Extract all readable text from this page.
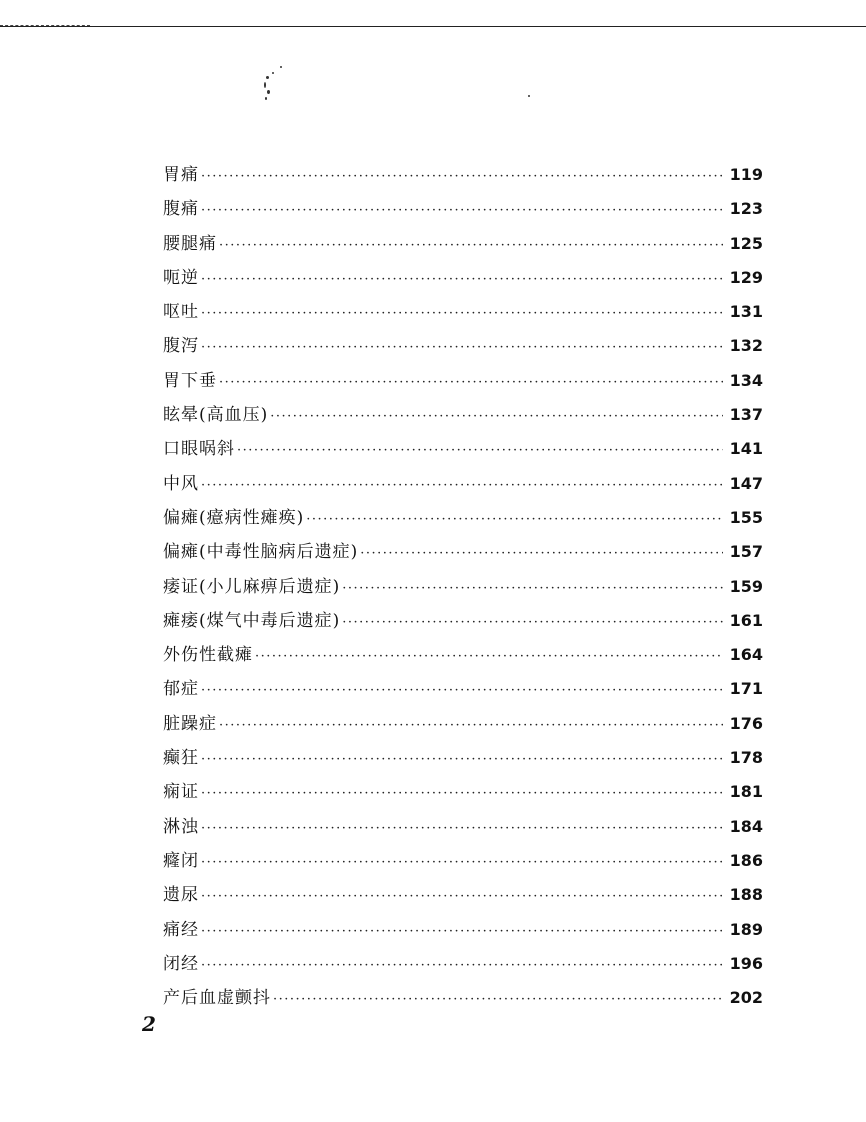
胃痛 ·····	119
腹痛 ·····	123
腰腿痛 ·····	125
呃逆 ·····	129
呕吐 ·····	131
腹泻 ·····	132
胃下垂 ·····	134
眩晕(高血压) ·····	137
口眼㖞斜 ·····	141
中风 ·····	147
偏瘫(癔病性瘫痪) ·····	155
偏瘫(中毒性脑病后遗症) ·····	157
痿证(小儿麻痹后遗症) ·····	159
瘫痿(煤气中毒后遗症) ·····	161
外伤性截瘫 ·····	164
郁症 ·····	171
脏躁症 ·····	176
癫狂 ·····	178
痫证 ·····	181
淋浊 ·····	184
癃闭 ·····	186
遗尿 ·····	188
痛经 ·····	189
闭经 ·····	196
产后血虚颤抖 ·····	202
2
